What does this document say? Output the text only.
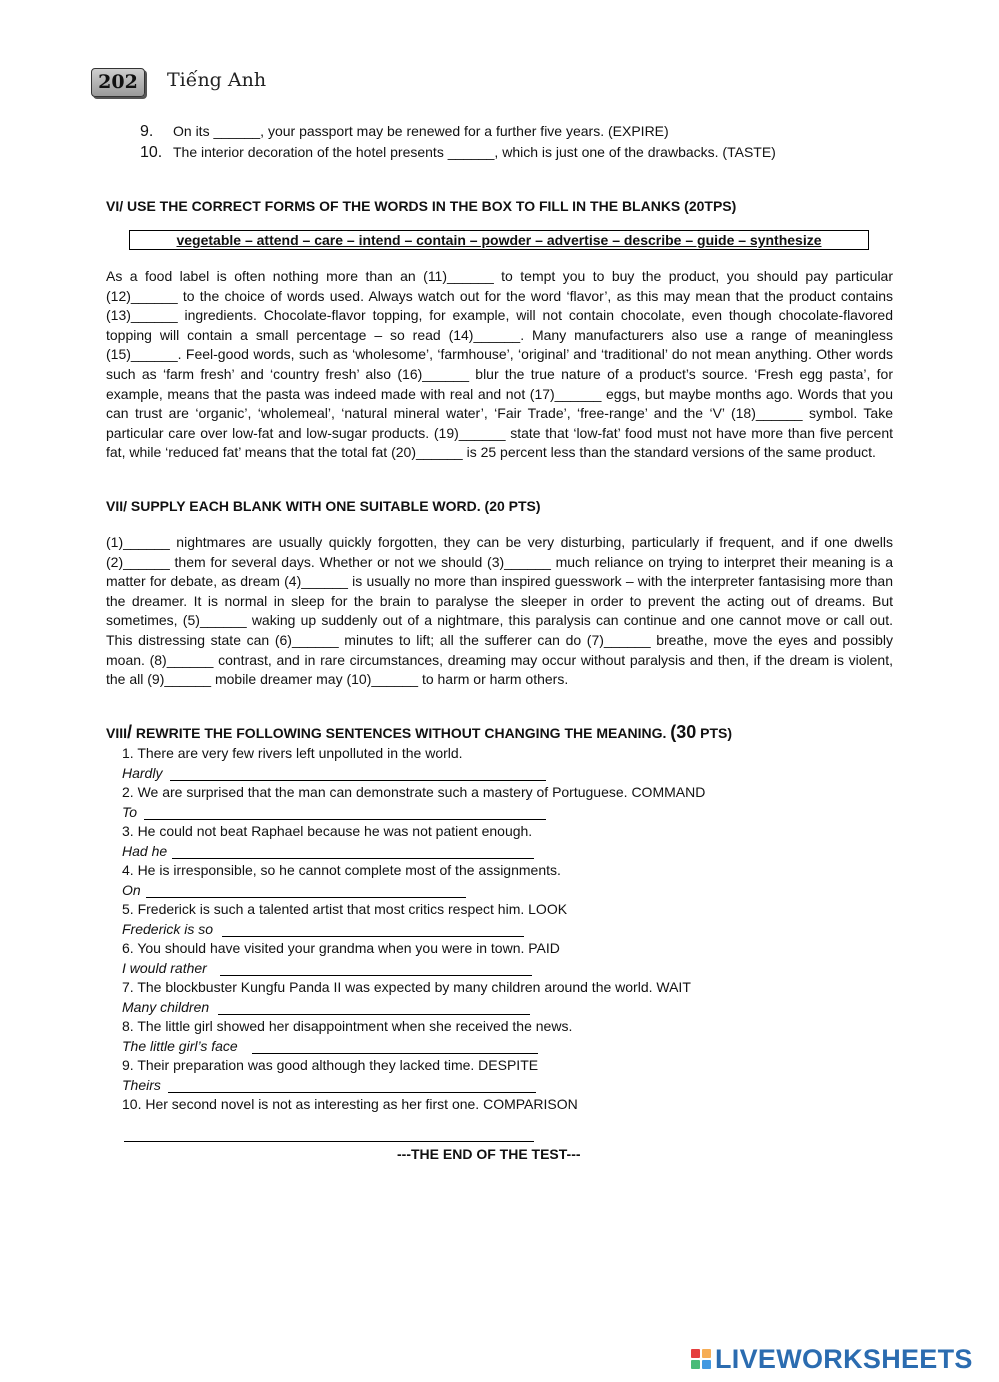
202	Tiếng Anh
9. On its ______, your passport may be renewed for a further five years. (EXPIRE)
10. The interior decoration of the hotel presents ______, which is just one of the drawbacks. (TASTE)
VI/ USE THE CORRECT FORMS OF THE WORDS IN THE BOX TO FILL IN THE BLANKS (20TPS)
vegetable – attend – care – intend – contain – powder – advertise – describe – guide – synthesize
As a food label is often nothing more than an (11)______ to tempt you to buy the product, you should pay particular (12)______ to the choice of words used. Always watch out for the word ‘flavor’, as this may mean that the product contains (13)______ ingredients. Chocolate-flavor topping, for example, will not contain chocolate, even though chocolate-flavored topping will contain a small percentage – so read (14)______. Many manufacturers also use a range of meaningless (15)______. Feel-good words, such as ‘wholesome’, ‘farmhouse’, ‘original’ and ‘traditional’ do not mean anything. Other words such as ‘farm fresh’ and ‘country fresh’ also (16)______ blur the true nature of a product’s source. ‘Fresh egg pasta’, for example, means that the pasta was indeed made with real and not (17)______ eggs, but maybe months ago. Words that you can trust are ‘organic’, ‘wholemeal’, ‘natural mineral water’, ‘Fair Trade’, ‘free-range’ and the ‘V’ (18)______ symbol. Take particular care over low-fat and low-sugar products. (19)______ state that ‘low-fat’ food must not have more than five percent fat, while ‘reduced fat’ means that the total fat (20)______ is 25 percent less than the standard versions of the same product.
VII/ SUPPLY EACH BLANK WITH ONE SUITABLE WORD. (20 PTS)
(1)______ nightmares are usually quickly forgotten, they can be very disturbing, particularly if frequent, and if one dwells (2)______ them for several days. Whether or not we should (3)______ much reliance on trying to interpret their meaning is a matter for debate, as dream (4)______ is usually no more than inspired guesswork – with the interpreter fantasising more than the dreamer. It is normal in sleep for the brain to paralyse the sleeper in order to prevent the acting out of dreams. But sometimes, (5)______ waking up suddenly out of a nightmare, this paralysis can continue and one cannot move or call out. This distressing state can (6)______ minutes to lift; all the sufferer can do (7)______ breathe, move the eyes and possibly moan. (8)______ contrast, and in rare circumstances, dreaming may occur without paralysis and then, if the dream is violent, the all (9)______ mobile dreamer may (10)______ to harm or harm others.
VIII/ REWRITE THE FOLLOWING SENTENCES WITHOUT CHANGING THE MEANING. (30 PTS)
1. There are very few rivers left unpolluted in the world.
Hardly
2. We are surprised that the man can demonstrate such a mastery of Portuguese. COMMAND
To
3. He could not beat Raphael because he was not patient enough.
Had he
4. He is irresponsible, so he cannot complete most of the assignments.
On
5. Frederick is such a talented artist that most critics respect him. LOOK
Frederick is so
6. You should have visited your grandma when you were in town. PAID
I would rather
7. The blockbuster Kungfu Panda II was expected by many children around the world. WAIT
Many children
8. The little girl showed her disappointment when she received the news.
The little girl’s face
9. Their preparation was good although they lacked time. DESPITE
Theirs
10. Her second novel is not as interesting as her first one. COMPARISON
---THE END OF THE TEST---
LIVEWORKSHEETS
